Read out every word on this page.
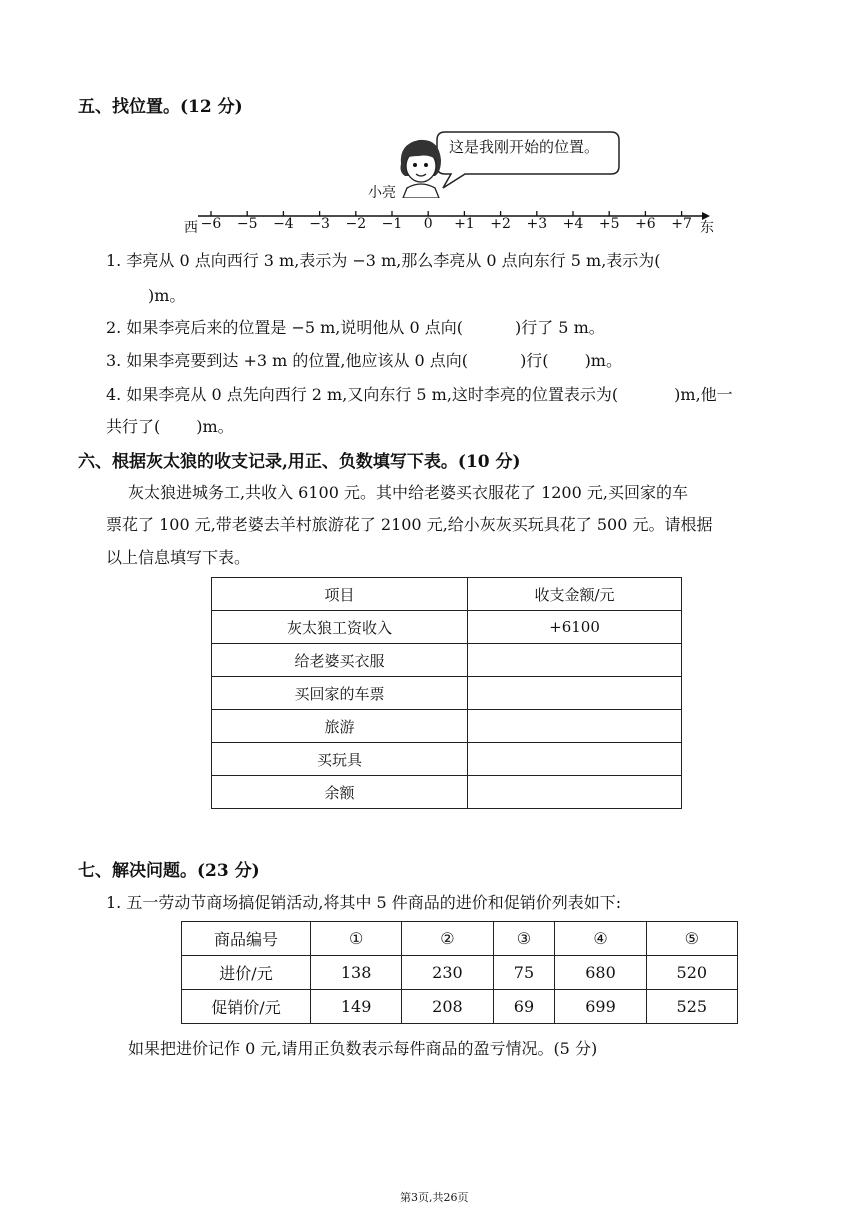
五、找位置。(12 分)
这是我刚开始的位置。
小亮
西	东
−6 −5 −4 −3 −2 −1	0	+1 +2 +3 +4 +5 +6 +7
1. 李亮从 0 点向西行 3 m,表示为 −3 m,那么李亮从 0 点向东行 5 m,表示为(
)m。
2. 如果李亮后来的位置是 −5 m,说明他从 0 点向(	)行了 5 m。
3. 如果李亮要到达 +3 m 的位置,他应该从 0 点向(	)行( )m。
4. 如果李亮从 0 点先向西行 2 m,又向东行 5 m,这时李亮的位置表示为(	)m,他一
共行了( )m。
六、根据灰太狼的收支记录,用正、负数填写下表。(10 分)
灰太狼进城务工,共收入 6100 元。其中给老婆买衣服花了 1200 元,买回家的车
票花了 100 元,带老婆去羊村旅游花了 2100 元,给小灰灰买玩具花了 500 元。请根据
以上信息填写下表。
项目	收支金额/元
灰太狼工资收入	+6100
给老婆买衣服	
买回家的车票	
旅游	
买玩具	
余额	
七、解决问题。(23 分)
1. 五一劳动节商场搞促销活动,将其中 5 件商品的进价和促销价列表如下:
商品编号	①	②	③	④	⑤
进价/元	138	230	75	680	520
促销价/元	149	208	69	699	525
如果把进价记作 0 元,请用正负数表示每件商品的盈亏情况。(5 分)
第3页,共26页
